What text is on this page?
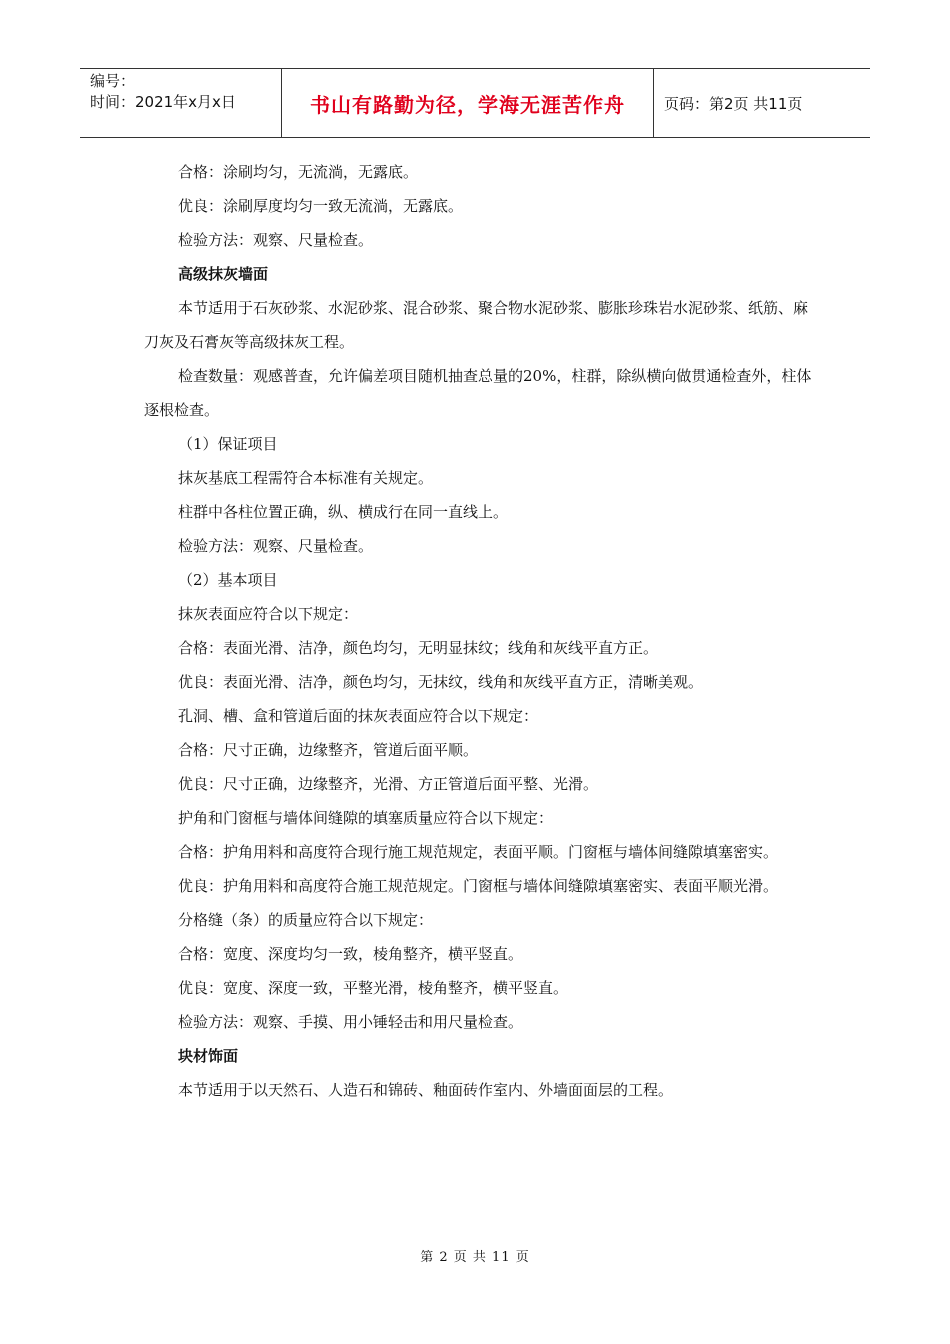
编号：
时间：2021年x月x日	书山有路勤为径，学海无涯苦作舟	页码：第2页 共11页

合格：涂刷均匀，无流淌，无露底。

优良：涂刷厚度均匀一致无流淌，无露底。

检验方法：观察、尺量检查。

高级抹灰墙面

本节适用于石灰砂浆、水泥砂浆、混合砂浆、聚合物水泥砂浆、膨胀珍珠岩水泥砂浆、纸筋、麻刀灰及石膏灰等高级抹灰工程。

检查数量：观感普查，允许偏差项目随机抽查总量的20%，柱群，除纵横向做贯通检查外，柱体逐根检查。

（1）保证项目

抹灰基底工程需符合本标准有关规定。

柱群中各柱位置正确，纵、横成行在同一直线上。

检验方法：观察、尺量检查。

（2）基本项目

抹灰表面应符合以下规定：

合格：表面光滑、洁净，颜色均匀，无明显抹纹；线角和灰线平直方正。

优良：表面光滑、洁净，颜色均匀，无抹纹，线角和灰线平直方正，清晰美观。

孔洞、槽、盒和管道后面的抹灰表面应符合以下规定：

合格：尺寸正确，边缘整齐，管道后面平顺。

优良：尺寸正确，边缘整齐，光滑、方正管道后面平整、光滑。

护角和门窗框与墙体间缝隙的填塞质量应符合以下规定：

合格：护角用料和高度符合现行施工规范规定，表面平顺。门窗框与墙体间缝隙填塞密实。

优良：护角用料和高度符合施工规范规定。门窗框与墙体间缝隙填塞密实、表面平顺光滑。

分格缝（条）的质量应符合以下规定：

合格：宽度、深度均匀一致，棱角整齐，横平竖直。

优良：宽度、深度一致，平整光滑，棱角整齐，横平竖直。

检验方法：观察、手摸、用小锤轻击和用尺量检查。

块材饰面

本节适用于以天然石、人造石和锦砖、釉面砖作室内、外墙面面层的工程。

第 2 页 共 11 页
